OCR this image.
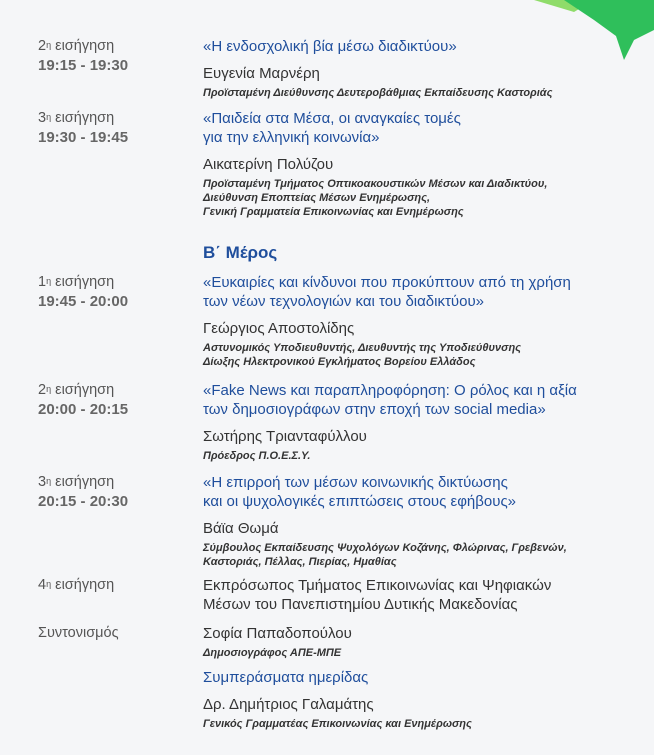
$2^\eta$ εισήγηση
19:15 - 19:30
«Η ενδοσχολική βία μέσω διαδικτύου»
Ευγενία Μαρνέρη
Προϊσταμένη Διεύθυνσης Δευτεροβάθμιας Εκπαίδευσης Καστοριάς
$3^\eta$ εισήγηση
19:30 - 19:45
«Παιδεία στα Μέσα, οι αναγκαίες τομές
για την ελληνική κοινωνία»
Αικατερίνη Πολύζου
Προϊσταμένη Τμήματος Οπτικοακουστικών Μέσων και Διαδικτύου,
Διεύθυνση Εποπτείας Μέσων Ενημέρωσης,
Γενική Γραμματεία Επικοινωνίας και Ενημέρωσης
Β΄ Μέρος
$1^\eta$ εισήγηση
19:45 - 20:00
«Ευκαιρίες και κίνδυνοι που προκύπτουν από τη χρήση
των νέων τεχνολογιών και του διαδικτύου»
Γεώργιος Αποστολίδης
Αστυνομικός Υποδιευθυντής, Διευθυντής της Υποδιεύθυνσης
Δίωξης Ηλεκτρονικού Εγκλήματος Βορείου Ελλάδος
$2^\eta$ εισήγηση
20:00 - 20:15
«Fake News και παραπληροφόρηση: Ο ρόλος και η αξία
των δημοσιογράφων στην εποχή των social media»
Σωτήρης Τριανταφύλλου
Πρόεδρος Π.Ο.Ε.Σ.Υ.
$3^\eta$ εισήγηση
20:15 - 20:30
«Η επιρροή των μέσων κοινωνικής δικτύωσης
και οι ψυχολογικές επιπτώσεις στους εφήβους»
Βάϊα Θωμά
Σύμβουλος Εκπαίδευσης Ψυχολόγων Κοζάνης, Φλώρινας, Γρεβενών,
Καστοριάς, Πέλλας, Πιερίας, Ημαθίας
$4^\eta$ εισήγηση	Εκπρόσωπος Τμήματος Επικοινωνίας και Ψηφιακών
Μέσων του Πανεπιστημίου Δυτικής Μακεδονίας
Συντονισμός	Σοφία Παπαδοπούλου
Δημοσιογράφος ΑΠΕ-ΜΠΕ
Συμπεράσματα ημερίδας
Δρ. Δημήτριος Γαλαμάτης
Γενικός Γραμματέας Επικοινωνίας και Ενημέρωσης
